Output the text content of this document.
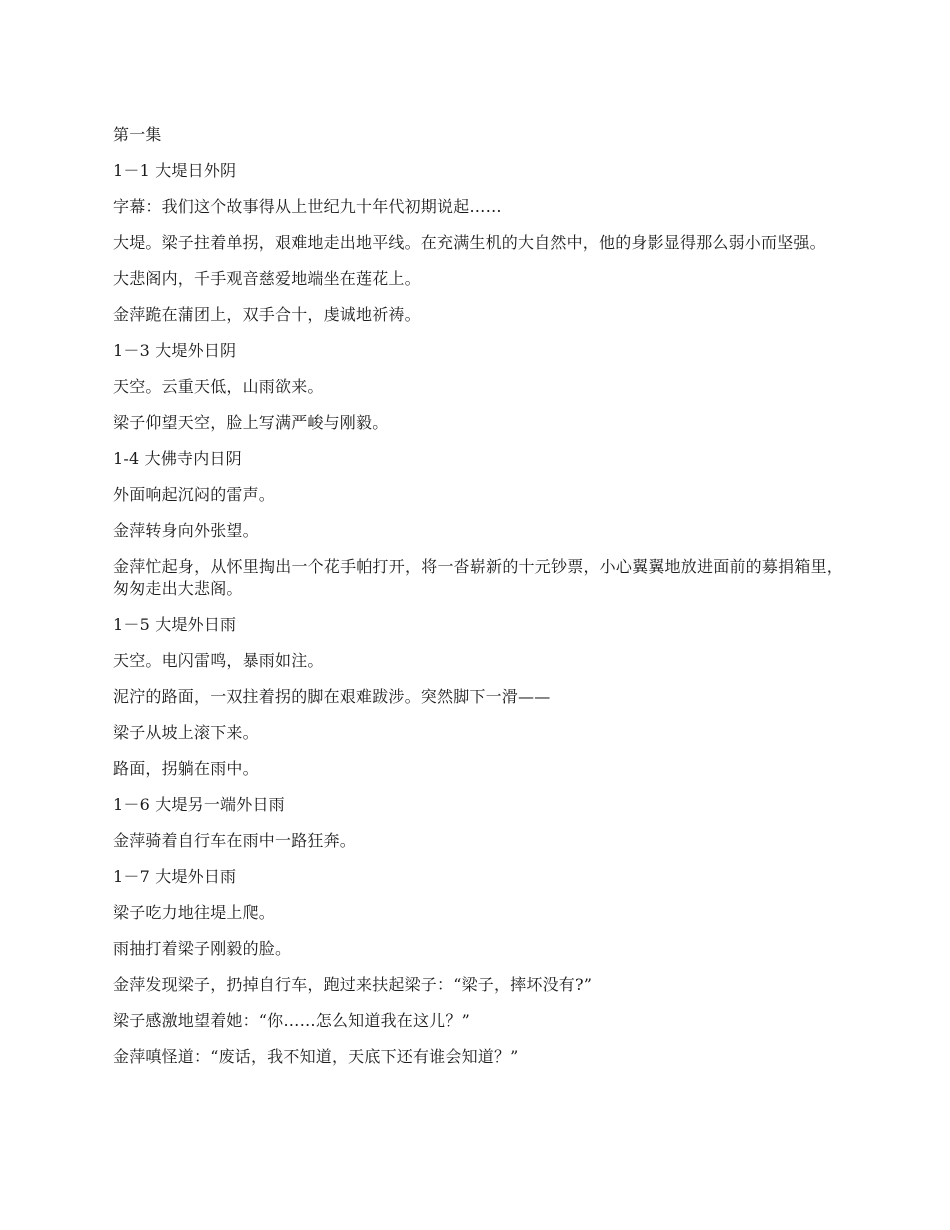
第一集

1－1 大堤日外阴

字幕：我们这个故事得从上世纪九十年代初期说起……

大堤。梁子拄着单拐，艰难地走出地平线。在充满生机的大自然中，他的身影显得那么弱小而坚强。

大悲阁内，千手观音慈爱地端坐在莲花上。

金萍跪在蒲团上，双手合十，虔诚地祈祷。

1－3 大堤外日阴

天空。云重天低，山雨欲来。

梁子仰望天空，脸上写满严峻与刚毅。

1-4 大佛寺内日阴

外面响起沉闷的雷声。

金萍转身向外张望。

金萍忙起身，从怀里掏出一个花手帕打开，将一沓崭新的十元钞票，小心翼翼地放进面前的募捐箱里，匆匆走出大悲阁。

1－5 大堤外日雨

天空。电闪雷鸣，暴雨如注。

泥泞的路面，一双拄着拐的脚在艰难跋涉。突然脚下一滑——

梁子从坡上滚下来。

路面，拐躺在雨中。

1－6 大堤另一端外日雨

金萍骑着自行车在雨中一路狂奔。

1－7 大堤外日雨

梁子吃力地往堤上爬。

雨抽打着梁子刚毅的脸。

金萍发现梁子，扔掉自行车，跑过来扶起梁子：“梁子，摔坏没有?”

梁子感激地望着她：“你……怎么知道我在这儿？”

金萍嗔怪道：“废话，我不知道，天底下还有谁会知道？”
